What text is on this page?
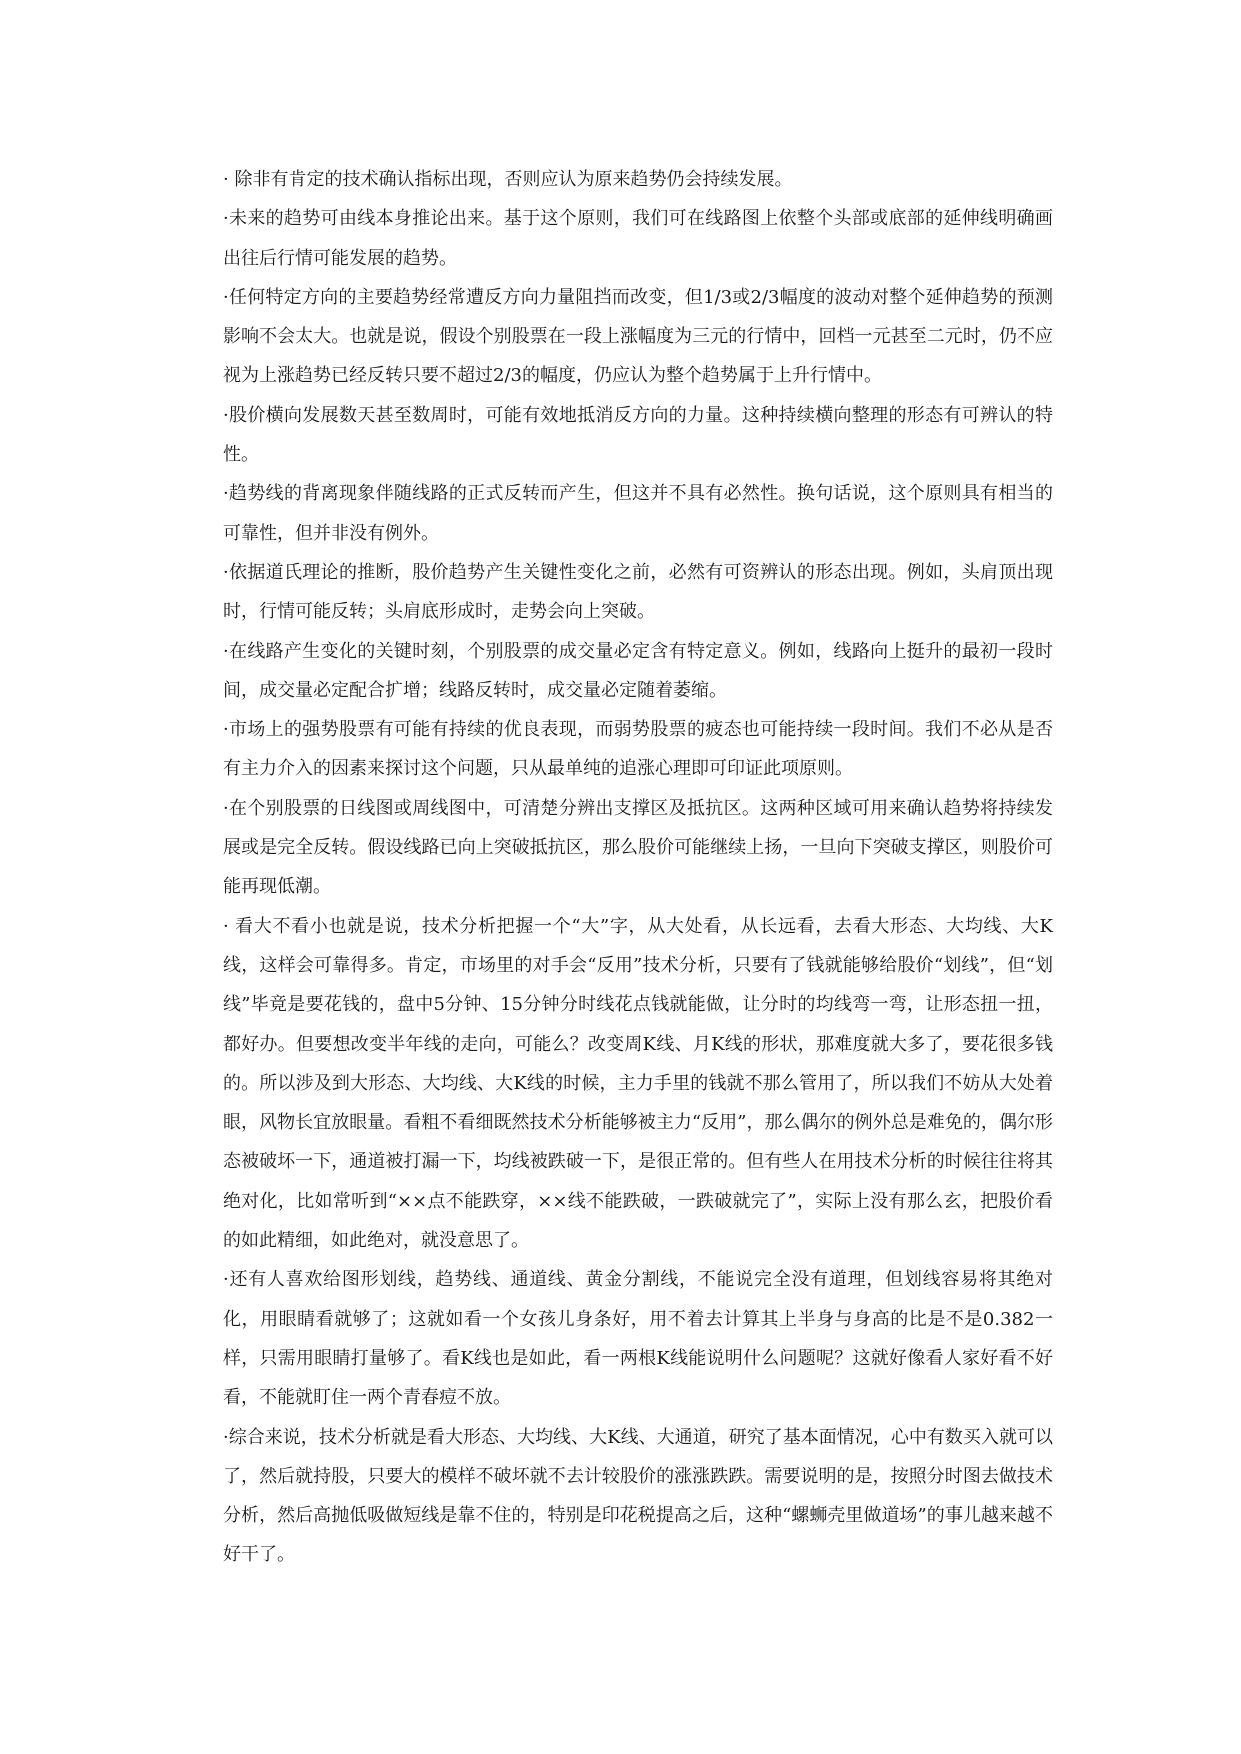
· 除非有肯定的技术确认指标出现，否则应认为原来趋势仍会持续发展。

·未来的趋势可由线本身推论出来。基于这个原则，我们可在线路图上依整个头部或底部的延伸线明确画出往后行情可能发展的趋势。

·任何特定方向的主要趋势经常遭反方向力量阻挡而改变，但1/3或2/3幅度的波动对整个延伸趋势的预测影响不会太大。也就是说，假设个别股票在一段上涨幅度为三元的行情中，回档一元甚至二元时，仍不应视为上涨趋势已经反转只要不超过2/3的幅度，仍应认为整个趋势属于上升行情中。

·股价横向发展数天甚至数周时，可能有效地抵消反方向的力量。这种持续横向整理的形态有可辨认的特性。

·趋势线的背离现象伴随线路的正式反转而产生，但这并不具有必然性。换句话说，这个原则具有相当的可靠性，但并非没有例外。

·依据道氏理论的推断，股价趋势产生关键性变化之前，必然有可资辨认的形态出现。例如，头肩顶出现时，行情可能反转；头肩底形成时，走势会向上突破。

·在线路产生变化的关键时刻，个别股票的成交量必定含有特定意义。例如，线路向上挺升的最初一段时间，成交量必定配合扩增；线路反转时，成交量必定随着萎缩。

·市场上的强势股票有可能有持续的优良表现，而弱势股票的疲态也可能持续一段时间。我们不必从是否有主力介入的因素来探讨这个问题，只从最单纯的追涨心理即可印证此项原则。

·在个别股票的日线图或周线图中，可清楚分辨出支撑区及抵抗区。这两种区域可用来确认趋势将持续发展或是完全反转。假设线路已向上突破抵抗区，那么股价可能继续上扬，一旦向下突破支撑区，则股价可能再现低潮。

· 看大不看小也就是说，技术分析把握一个“大”字，从大处看，从长远看，去看大形态、大均线、大K线，这样会可靠得多。肯定，市场里的对手会“反用”技术分析，只要有了钱就能够给股价“划线”，但“划线”毕竟是要花钱的，盘中5分钟、15分钟分时线花点钱就能做，让分时的均线弯一弯，让形态扭一扭，都好办。但要想改变半年线的走向，可能么？改变周K线、月K线的形状，那难度就大多了，要花很多钱的。所以涉及到大形态、大均线、大K线的时候，主力手里的钱就不那么管用了，所以我们不妨从大处着眼，风物长宜放眼量。看粗不看细既然技术分析能够被主力“反用”，那么偶尔的例外总是难免的，偶尔形态被破坏一下，通道被打漏一下，均线被跌破一下，是很正常的。但有些人在用技术分析的时候往往将其绝对化，比如常听到“××点不能跌穿，××线不能跌破，一跌破就完了”，实际上没有那么玄，把股价看的如此精细，如此绝对，就没意思了。

·还有人喜欢给图形划线，趋势线、通道线、黄金分割线，不能说完全没有道理，但划线容易将其绝对化，用眼睛看就够了；这就如看一个女孩儿身条好，用不着去计算其上半身与身高的比是不是0.382一样，只需用眼睛打量够了。看K线也是如此，看一两根K线能说明什么问题呢？这就好像看人家好看不好看，不能就盯住一两个青春痘不放。

·综合来说，技术分析就是看大形态、大均线、大K线、大通道，研究了基本面情况，心中有数买入就可以了，然后就持股，只要大的模样不破坏就不去计较股价的涨涨跌跌。需要说明的是，按照分时图去做技术分析，然后高抛低吸做短线是靠不住的，特别是印花税提高之后，这种“螺蛳壳里做道场”的事儿越来越不好干了。
